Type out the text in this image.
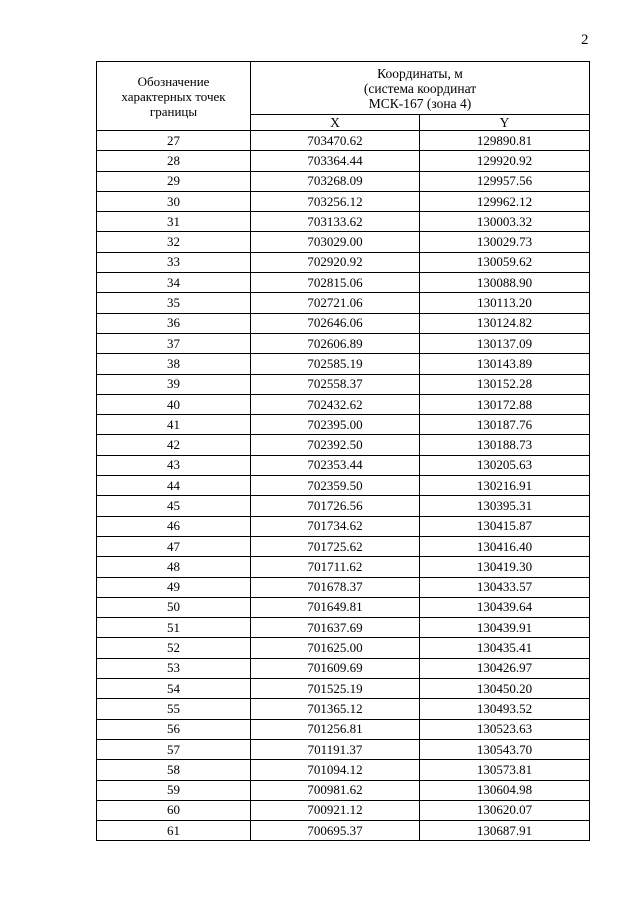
2
Обозначение
характерных точек
границы	Координаты, м
(система координат
МСК-167 (зона 4)	

	X	Y
27	703470.62	129890.81
28	703364.44	129920.92
29	703268.09	129957.56
30	703256.12	129962.12
31	703133.62	130003.32
32	703029.00	130029.73
33	702920.92	130059.62
34	702815.06	130088.90
35	702721.06	130113.20
36	702646.06	130124.82
37	702606.89	130137.09
38	702585.19	130143.89
39	702558.37	130152.28
40	702432.62	130172.88
41	702395.00	130187.76
42	702392.50	130188.73
43	702353.44	130205.63
44	702359.50	130216.91
45	701726.56	130395.31
46	701734.62	130415.87
47	701725.62	130416.40
48	701711.62	130419.30
49	701678.37	130433.57
50	701649.81	130439.64
51	701637.69	130439.91
52	701625.00	130435.41
53	701609.69	130426.97
54	701525.19	130450.20
55	701365.12	130493.52
56	701256.81	130523.63
57	701191.37	130543.70
58	701094.12	130573.81
59	700981.62	130604.98
60	700921.12	130620.07
61	700695.37	130687.91
